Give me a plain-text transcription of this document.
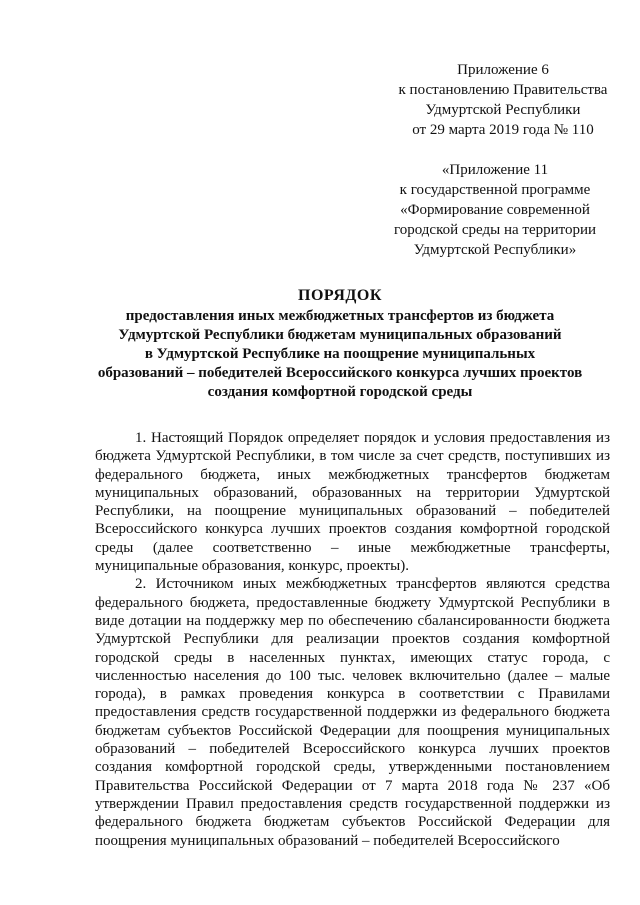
Приложение 6
к постановлению Правительства
Удмуртской Республики
от 29 марта 2019 года № 110
«Приложение 11
к государственной программе
«Формирование современной
городской среды на территории
Удмуртской Республики»
ПОРЯДОК
предоставления иных межбюджетных трансфертов из бюджета
Удмуртской Республики бюджетам муниципальных образований
в Удмуртской Республике на поощрение муниципальных
образований – победителей Всероссийского конкурса лучших проектов
создания комфортной городской среды

1. Настоящий Порядок определяет порядок и условия предоставления из бюджета Удмуртской Республики, в том числе за счет средств, поступивших из федерального бюджета, иных межбюджетных трансфертов бюджетам муниципальных образований, образованных на территории Удмуртской Республики, на поощрение муниципальных образований – победителей Всероссийского конкурса лучших проектов создания комфортной городской среды (далее соответственно – иные межбюджетные трансферты, муниципальные образования, конкурс, проекты).

2. Источником иных межбюджетных трансфертов являются средства федерального бюджета, предоставленные бюджету Удмуртской Республики в виде дотации на поддержку мер по обеспечению сбалансированности бюджета Удмуртской Республики для реализации проектов создания комфортной городской среды в населенных пунктах, имеющих статус города, с численностью населения до 100 тыс. человек включительно (далее – малые города), в рамках проведения конкурса в соответствии с Правилами предоставления средств государственной поддержки из федерального бюджета бюджетам субъектов Российской Федерации для поощрения муниципальных образований – победителей Всероссийского конкурса лучших проектов создания комфортной городской среды, утвержденными постановлением Правительства Российской Федерации от 7 марта 2018 года № 237 «Об утверждении Правил предоставления средств государственной поддержки из федерального бюджета бюджетам субъектов Российской Федерации для поощрения муниципальных образований – победителей Всероссийского
